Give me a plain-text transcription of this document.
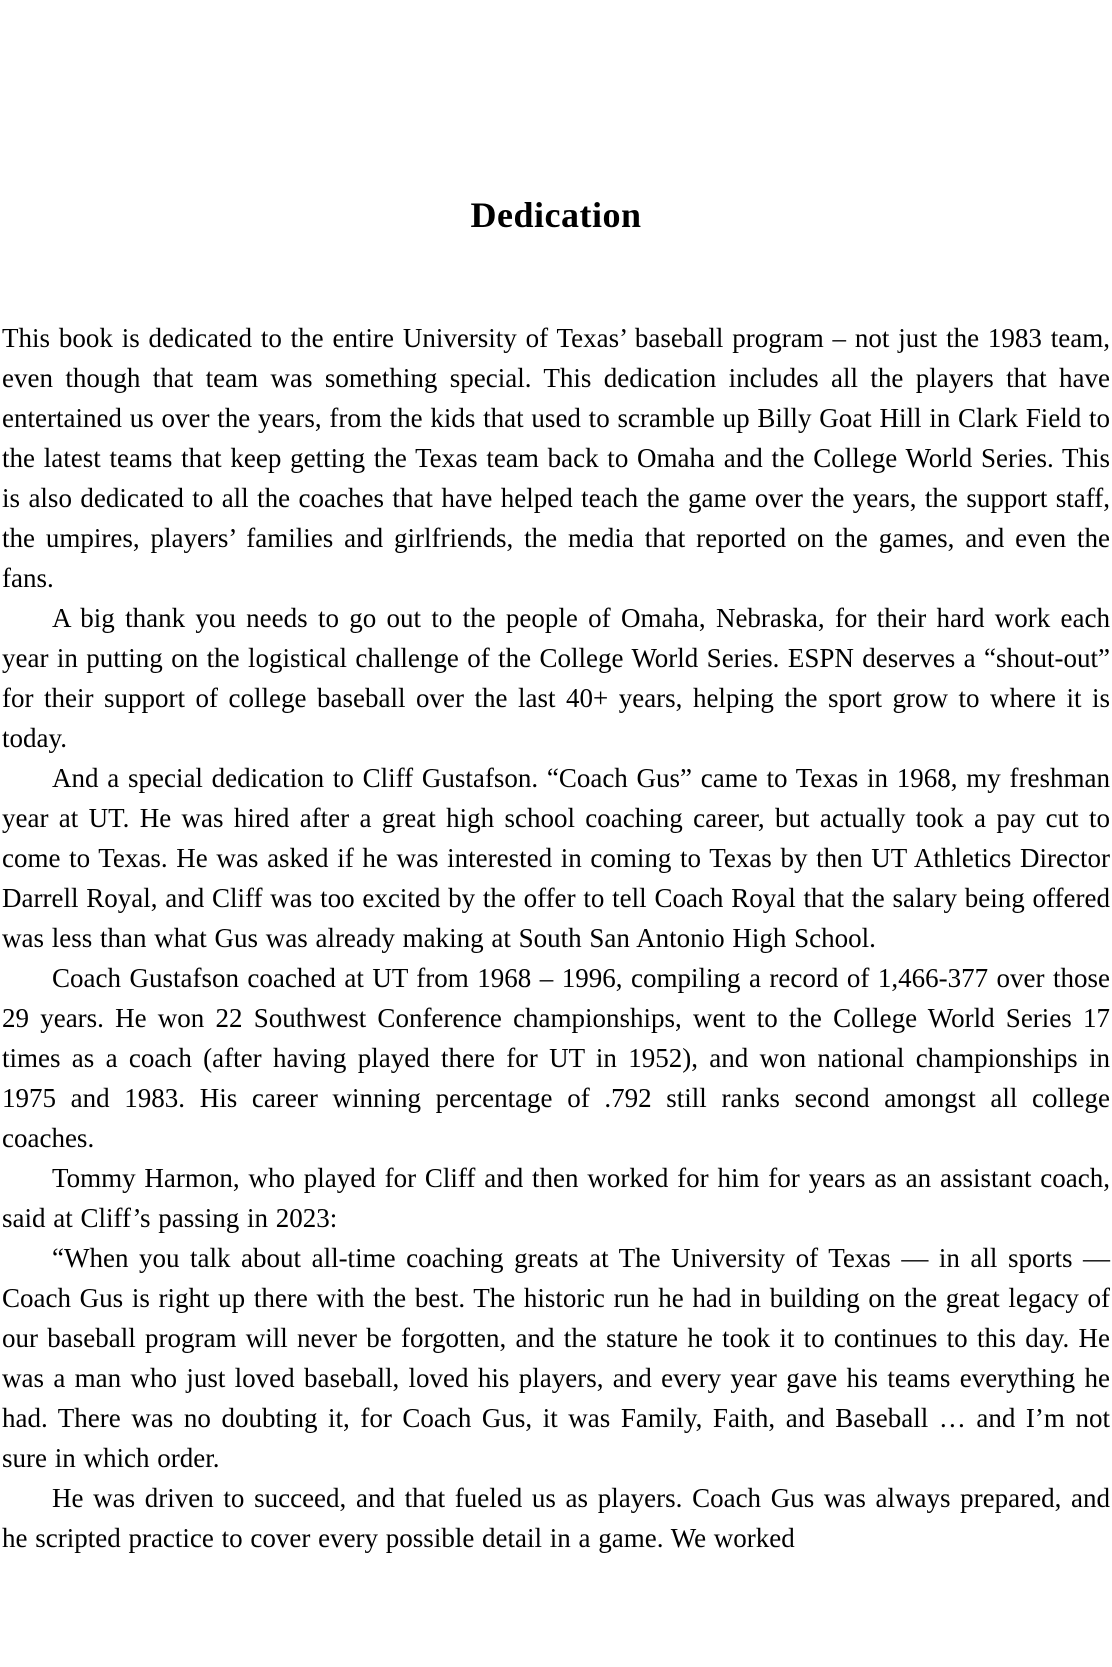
Dedication

This book is dedicated to the entire University of Texas’ baseball program – not just the 1983 team, even though that team was something special. This dedication includes all the players that have entertained us over the years, from the kids that used to scramble up Billy Goat Hill in Clark Field to the latest teams that keep getting the Texas team back to Omaha and the College World Series. This is also dedicated to all the coaches that have helped teach the game over the years, the support staff, the umpires, players’ families and girlfriends, the media that reported on the games, and even the fans.

A big thank you needs to go out to the people of Omaha, Nebraska, for their hard work each year in putting on the logistical challenge of the College World Series. ESPN deserves a “shout-out” for their support of college baseball over the last 40+ years, helping the sport grow to where it is today.

And a special dedication to Cliff Gustafson. “Coach Gus” came to Texas in 1968, my freshman year at UT. He was hired after a great high school coaching career, but actually took a pay cut to come to Texas. He was asked if he was interested in coming to Texas by then UT Athletics Director Darrell Royal, and Cliff was too excited by the offer to tell Coach Royal that the salary being offered was less than what Gus was already making at South San Antonio High School.

Coach Gustafson coached at UT from 1968 – 1996, compiling a record of 1,466-377 over those 29 years. He won 22 Southwest Conference championships, went to the College World Series 17 times as a coach (after having played there for UT in 1952), and won national championships in 1975 and 1983. His career winning percentage of .792 still ranks second amongst all college coaches.

Tommy Harmon, who played for Cliff and then worked for him for years as an assistant coach, said at Cliff’s passing in 2023:

“When you talk about all-time coaching greats at The University of Texas — in all sports — Coach Gus is right up there with the best. The historic run he had in building on the great legacy of our baseball program will never be forgotten, and the stature he took it to continues to this day. He was a man who just loved baseball, loved his players, and every year gave his teams everything he had. There was no doubting it, for Coach Gus, it was Family, Faith, and Baseball … and I’m not sure in which order.

He was driven to succeed, and that fueled us as players. Coach Gus was always prepared, and he scripted practice to cover every possible detail in a game. We worked
